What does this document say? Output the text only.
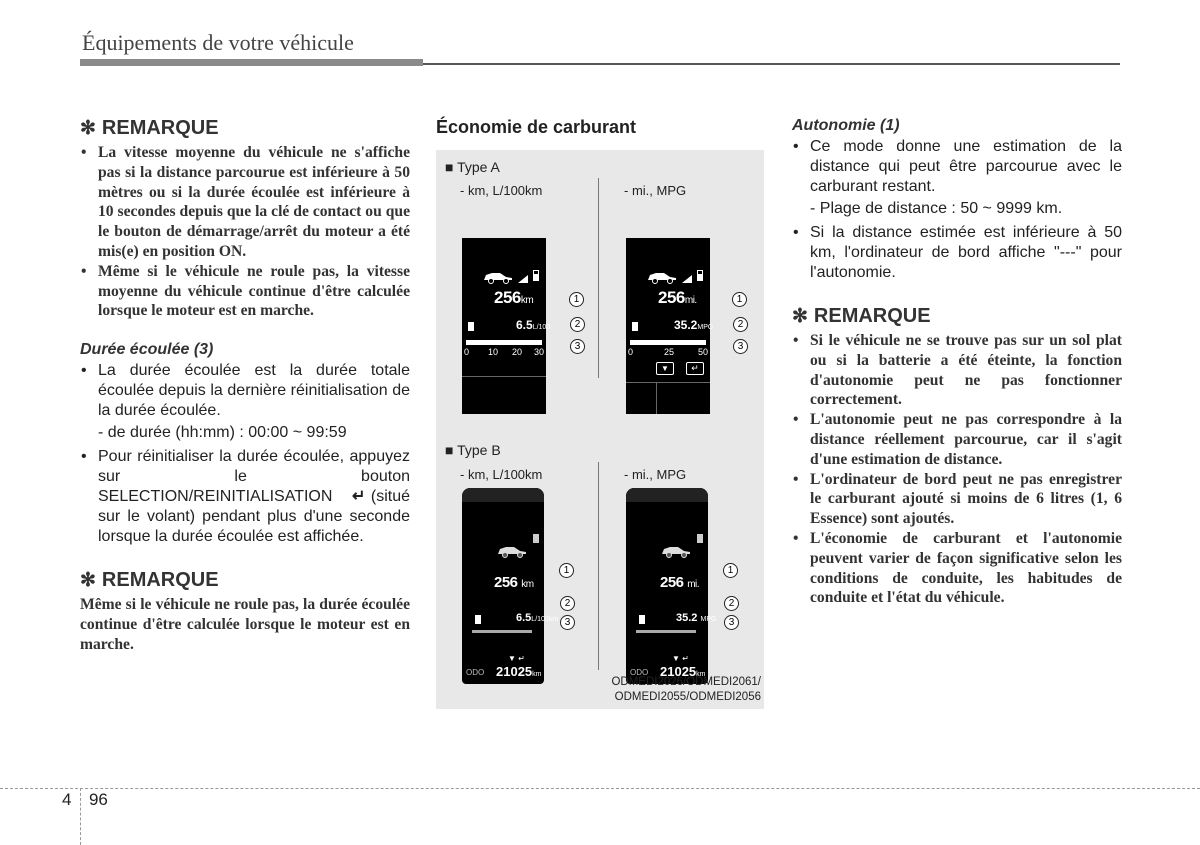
Équipements de votre véhicule
✻ REMARQUE
• La vitesse moyenne du véhicule ne s'affiche pas si la distance parcourue est inférieure à 50 mètres ou si la durée écoulée est inférieure à 10 secondes depuis que la clé de contact ou que le bouton de démarrage/arrêt du moteur a été mis(e) en position ON.
• Même si le véhicule ne roule pas, la vitesse moyenne du véhicule continue d'être calculée lorsque le moteur est en marche.
Durée écoulée (3)
• La durée écoulée est la durée totale écoulée depuis la dernière réinitialisation de la durée écoulée.
- de durée (hh:mm) : 00:00 ~ 99:59
• Pour réinitialiser la durée écoulée, appuyez sur le bouton SELECTION/REINITIALISATION ↵ (situé sur le volant) pendant plus d'une seconde lorsque la durée écoulée est affichée.
✻ REMARQUE
Même si le véhicule ne roule pas, la durée écoulée continue d'être calculée lorsque le moteur est en marche.
Économie de carburant
■ Type A
- km, L/100km	- mi., MPG
256km
6.5L/100
0 10 20 30
1
2
3
256mi.
35.2MPG
0	25	50
▼	↵
1
2
3
■ Type B
- km, L/100km	- mi., MPG
256 km
6.5L/100km
▼ ↵
ODO 21025km
1
2
3
256 mi.
35.2 MPG
▼ ↵
ODO 21025km
1
2
3
ODMEDI2026/ODMEDI2061/
ODMEDI2055/ODMEDI2056
Autonomie (1)
• Ce mode donne une estimation de la distance qui peut être parcourue avec le carburant restant.
- Plage de distance : 50 ~ 9999 km.
• Si la distance estimée est inférieure à 50 km, l'ordinateur de bord affiche "---" pour l'autonomie.
✻ REMARQUE
• Si le véhicule ne se trouve pas sur un sol plat ou si la batterie a été éteinte, la fonction d'autonomie peut ne pas fonctionner correctement.
• L'autonomie peut ne pas correspondre à la distance réellement parcourue, car il s'agit d'une estimation de distance.
• L'ordinateur de bord peut ne pas enregistrer le carburant ajouté si moins de 6 litres (1, 6 Essence) sont ajoutés.
• L'économie de carburant et l'autonomie peuvent varier de façon significative selon les conditions de conduite, les habitudes de conduite et l'état du véhicule.
4 96
